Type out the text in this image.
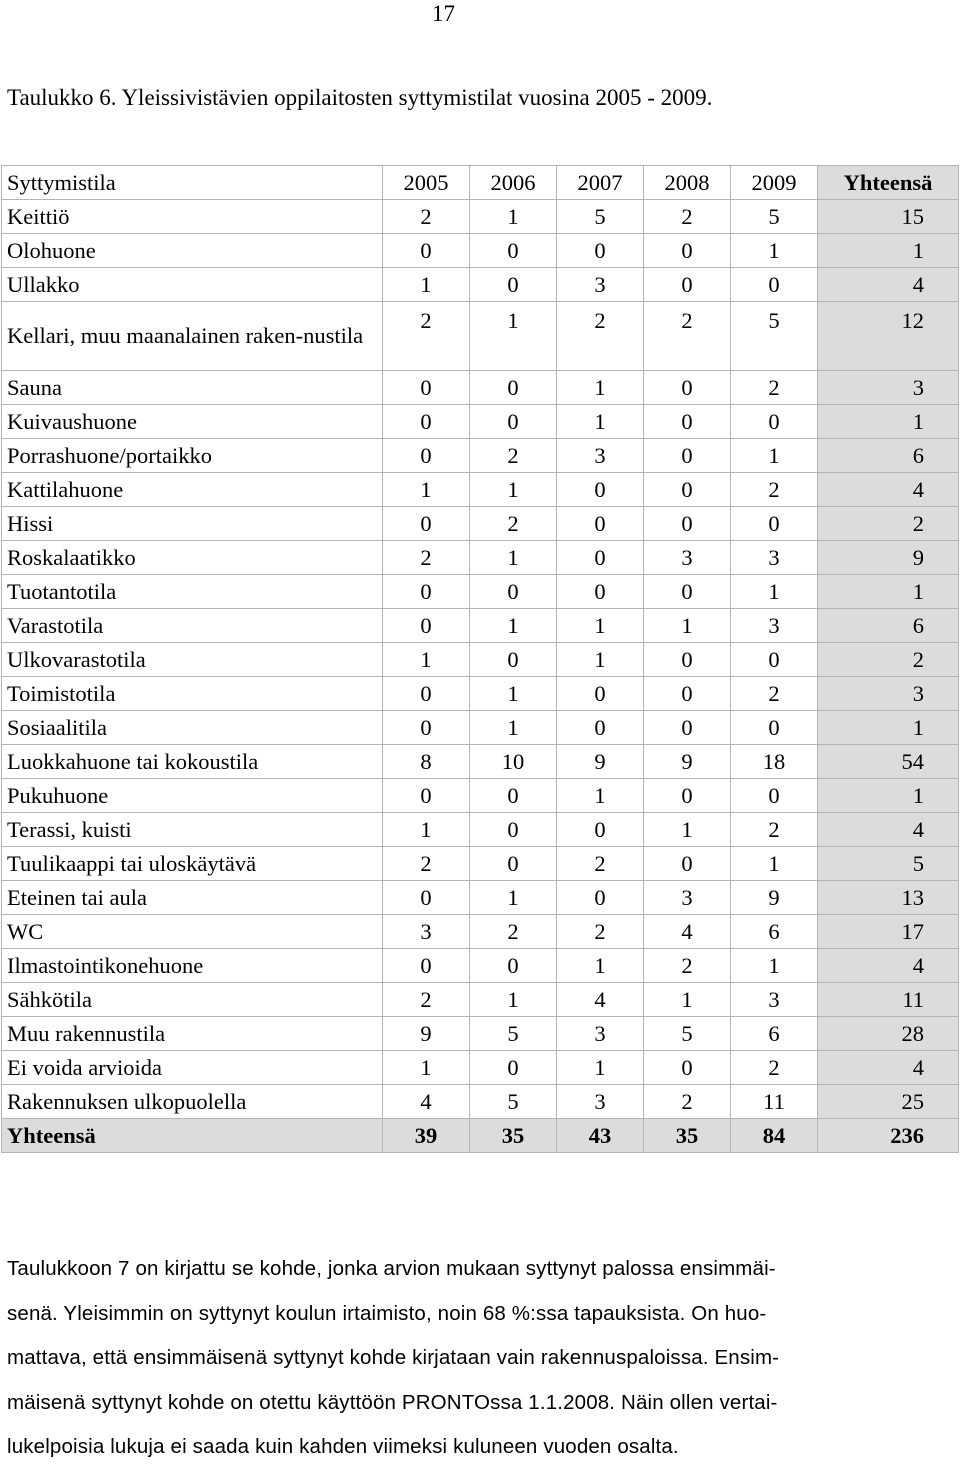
17
Taulukko 6. Yleissivistävien oppilaitosten syttymistilat vuosina 2005 - 2009.
Syttymistila	2005	2006	2007	2008	2009	Yhteensä
Keittiö	2	1	5	2	5	15
Olohuone	0	0	0	0	1	1
Ullakko	1	0	3	0	0	4
Kellari, muu maanalainen raken-nustila	2	1	2	2	5	12
Sauna	0	0	1	0	2	3
Kuivaushuone	0	0	1	0	0	1
Porrashuone/portaikko	0	2	3	0	1	6
Kattilahuone	1	1	0	0	2	4
Hissi	0	2	0	0	0	2
Roskalaatikko	2	1	0	3	3	9
Tuotantotila	0	0	0	0	1	1
Varastotila	0	1	1	1	3	6
Ulkovarastotila	1	0	1	0	0	2
Toimistotila	0	1	0	0	2	3
Sosiaalitila	0	1	0	0	0	1
Luokkahuone tai kokoustila	8	10	9	9	18	54
Pukuhuone	0	0	1	0	0	1
Terassi, kuisti	1	0	0	1	2	4
Tuulikaappi tai uloskäytävä	2	0	2	0	1	5
Eteinen tai aula	0	1	0	3	9	13
WC	3	2	2	4	6	17
Ilmastointikonehuone	0	0	1	2	1	4
Sähkötila	2	1	4	1	3	11
Muu rakennustila	9	5	3	5	6	28
Ei voida arvioida	1	0	1	0	2	4
Rakennuksen ulkopuolella	4	5	3	2	11	25
Yhteensä	39	35	43	35	84	236
Taulukkoon 7 on kirjattu se kohde, jonka arvion mukaan syttynyt palossa ensimmäi-
senä. Yleisimmin on syttynyt koulun irtaimisto, noin 68 %:ssa tapauksista. On huo-
mattava, että ensimmäisenä syttynyt kohde kirjataan vain rakennuspaloissa. Ensim-
mäisenä syttynyt kohde on otettu käyttöön PRONTOssa 1.1.2008. Näin ollen vertai-
lukelpoisia lukuja ei saada kuin kahden viimeksi kuluneen vuoden osalta.
